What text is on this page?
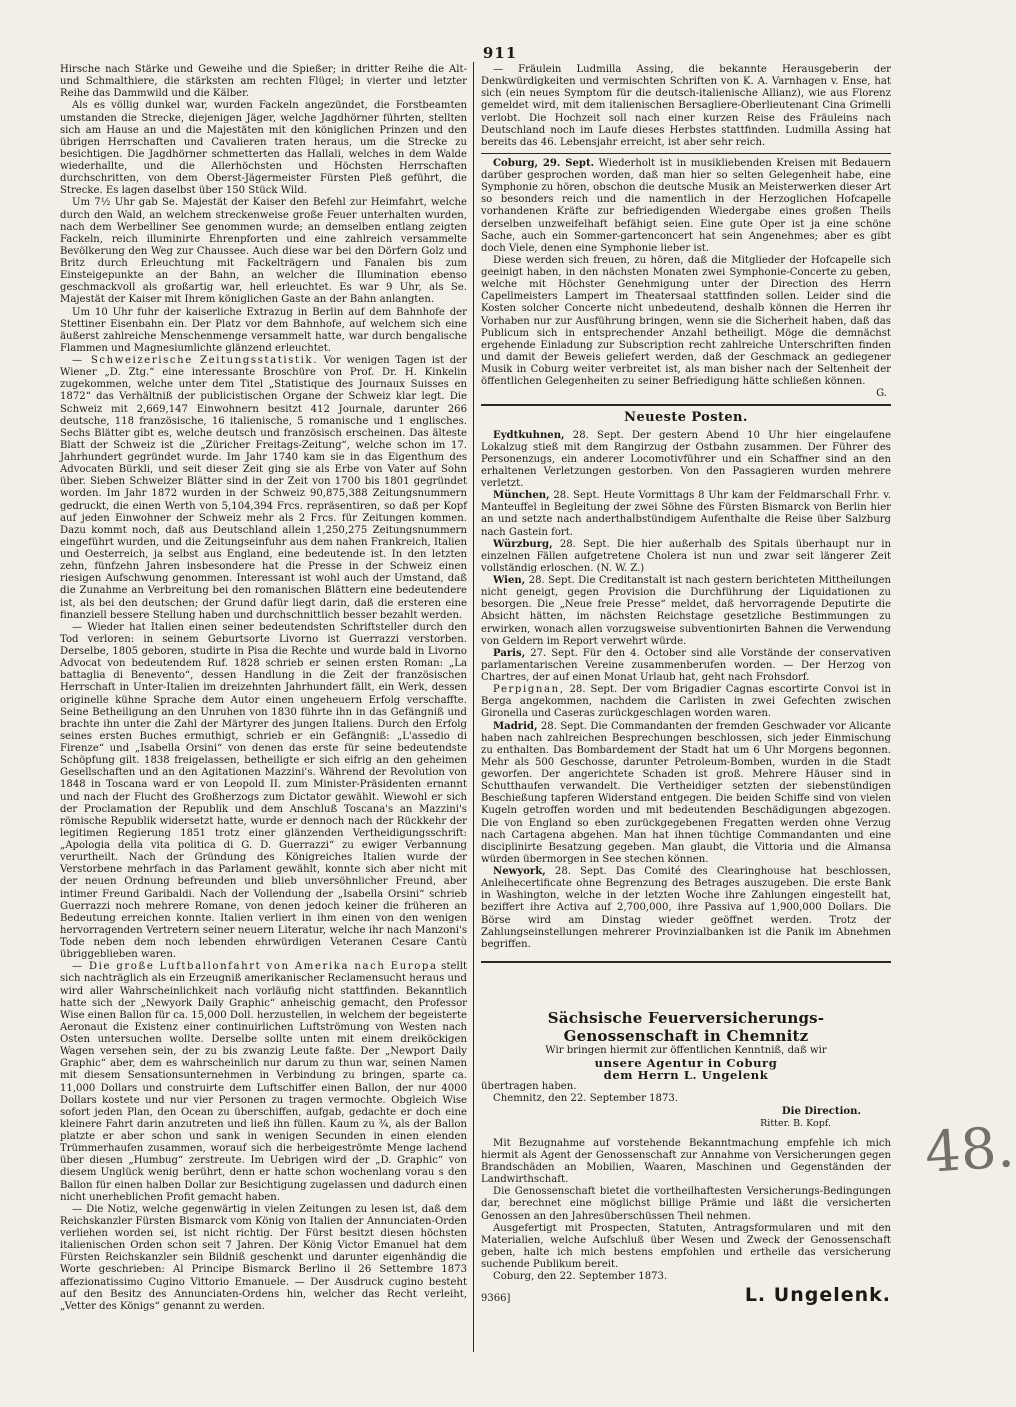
911

Hirsche nach Stärke und Geweihe und die Spießer; in dritter Reihe die Alt- und Schmalthiere, die stärksten am rechten Flügel; in vierter und letzter Reihe das Dammwild und die Kälber.

Als es völlig dunkel war, wurden Fackeln angezündet, die Forstbeamten umstanden die Strecke, diejenigen Jäger, welche Jagdhörner führten, stellten sich am Hause an und die Majestäten mit den königlichen Prinzen und den übrigen Herrschaften und Cavalieren traten heraus, um die Strecke zu besichtigen. Die Jagdhörner schmetterten das Hallali, welches in dem Walde wiederhallte, und die Allerhöchsten und Höchsten Herrschaften durchschritten, von dem Oberst-Jägermeister Fürsten Pleß geführt, die Strecke. Es lagen daselbst über 150 Stück Wild.

Um 7½ Uhr gab Se. Majestät der Kaiser den Befehl zur Heimfahrt, welche durch den Wald, an welchem streckenweise große Feuer unterhalten wurden, nach dem Werbelliner See genommen wurde; an demselben entlang zeigten Fackeln, reich illuminirte Ehrenpforten und eine zahlreich versammelte Bevölkerung den Weg zur Chaussee. Auch diese war bei den Dörfern Golz und Britz durch Erleuchtung mit Fackelträgern und Fanalen bis zum Einsteigepunkte an der Bahn, an welcher die Illumination ebenso geschmackvoll als großartig war, hell erleuchtet. Es war 9 Uhr, als Se. Majestät der Kaiser mit Ihrem königlichen Gaste an der Bahn anlangten.

Um 10 Uhr fuhr der kaiserliche Extrazug in Berlin auf dem Bahnhofe der Stettiner Eisenbahn ein. Der Platz vor dem Bahnhofe, auf welchem sich eine äußerst zahlreiche Menschenmenge versammelt hatte, war durch bengalische Flammen und Magnesiumlichte glänzend erleuchtet.

— Schweizerische Zeitungsstatistik. Vor wenigen Tagen ist der Wiener „D. Ztg.“ eine interessante Broschüre von Prof. Dr. H. Kinkelin zugekommen, welche unter dem Titel „Statistique des Journaux Suisses en 1872“ das Verhältniß der publicistischen Organe der Schweiz klar legt. Die Schweiz mit 2,669,147 Einwohnern besitzt 412 Journale, darunter 266 deutsche, 118 französische, 16 italienische, 5 romanische und 1 englisches. Sechs Blätter gibt es, welche deutsch und französisch erscheinen. Das älteste Blatt der Schweiz ist die „Züricher Freitags-Zeitung“, welche schon im 17. Jahrhundert gegründet wurde. Im Jahr 1740 kam sie in das Eigenthum des Advocaten Bürkli, und seit dieser Zeit ging sie als Erbe von Vater auf Sohn über. Sieben Schweizer Blätter sind in der Zeit von 1700 bis 1801 gegründet worden. Im Jahr 1872 wurden in der Schweiz 90,875,388 Zeitungsnummern gedruckt, die einen Werth von 5,104,394 Frcs. repräsentiren, so daß per Kopf auf jeden Einwohner der Schweiz mehr als 2 Frcs. für Zeitungen kommen. Dazu kommt noch, daß aus Deutschland allein 1,250,275 Zeitungsnummern eingeführt wurden, und die Zeitungseinfuhr aus dem nahen Frankreich, Italien und Oesterreich, ja selbst aus England, eine bedeutende ist. In den letzten zehn, fünfzehn Jahren insbesondere hat die Presse in der Schweiz einen riesigen Aufschwung genommen. Interessant ist wohl auch der Umstand, daß die Zunahme an Verbreitung bei den romanischen Blättern eine bedeutendere ist, als bei den deutschen; der Grund dafür liegt darin, daß die ersteren eine finanziell bessere Stellung haben und durchschnittlich besser bezahlt werden.

— Wieder hat Italien einen seiner bedeutendsten Schriftsteller durch den Tod verloren: in seinem Geburtsorte Livorno ist Guerrazzi verstorben. Derselbe, 1805 geboren, studirte in Pisa die Rechte und wurde bald in Livorno Advocat von bedeutendem Ruf. 1828 schrieb er seinen ersten Roman: „La battaglia di Benevento“, dessen Handlung in die Zeit der französischen Herrschaft in Unter-Italien im dreizehnten Jahrhundert fällt, ein Werk, dessen originelle kühne Sprache dem Autor einen ungeheuern Erfolg verschaffte. Seine Betheiligung an den Unruhen von 1830 führte ihn in das Gefängniß und brachte ihn unter die Zahl der Märtyrer des jungen Italiens. Durch den Erfolg seines ersten Buches ermuthigt, schrieb er ein Gefängniß: „L'assedio di Firenze“ und „Isabella Orsini“ von denen das erste für seine bedeutendste Schöpfung gilt. 1838 freigelassen, betheiligte er sich eifrig an den geheimen Gesellschaften und an den Agitationen Mazzini's. Während der Revolution von 1848 in Toscana ward er von Leopold II. zum Minister-Präsidenten ernannt und nach der Flucht des Großherzogs zum Dictator gewählt. Wiewohl er sich der Proclamation der Republik und dem Anschluß Toscana's an Mazzini's römische Republik widersetzt hatte, wurde er dennoch nach der Rückkehr der legitimen Regierung 1851 trotz einer glänzenden Vertheidigungsschrift: „Apologia della vita politica di G. D. Guerrazzi“ zu ewiger Verbannung verurtheilt. Nach der Gründung des Königreiches Italien wurde der Verstorbene mehrfach in das Parlament gewählt, konnte sich aber nicht mit der neuen Ordnung befreunden und blieb unversöhnlicher Freund, aber intimer Freund Garibaldi. Nach der Vollendung der „Isabella Orsini“ schrieb Guerrazzi noch mehrere Romane, von denen jedoch keiner die früheren an Bedeutung erreichen konnte. Italien verliert in ihm einen von den wenigen hervorragenden Vertretern seiner neuern Literatur, welche ihr nach Manzoni's Tode neben dem noch lebenden ehrwürdigen Veteranen Cesare Cantù übriggeblieben waren.

— Die große Luftballonfahrt von Amerika nach Europa stellt sich nachträglich als ein Erzeugniß amerikanischer Reclamensucht heraus und wird aller Wahrscheinlichkeit nach vorläufig nicht stattfinden. Bekanntlich hatte sich der „Newyork Daily Graphic“ anheischig gemacht, den Professor Wise einen Ballon für ca. 15,000 Doll. herzustellen, in welchem der begeisterte Aeronaut die Existenz einer continuirlichen Luftströmung von Westen nach Osten untersuchen wollte. Derselbe sollte unten mit einem dreiköckigen Wagen versehen sein, der zu bis zwanzig Leute faßte. Der „Newport Daily Graphic“ aber, dem es wahrscheinlich nur darum zu thun war, seinen Namen mit diesem Sensationsunternehmen in Verbindung zu bringen, sparte ca. 11,000 Dollars und construirte dem Luftschiffer einen Ballon, der nur 4000 Dollars kostete und nur vier Personen zu tragen vermochte. Obgleich Wise sofort jeden Plan, den Ocean zu überschiffen, aufgab, gedachte er doch eine kleinere Fahrt darin anzutreten und ließ ihn füllen. Kaum zu ¾, als der Ballon platzte er aber schon und sank in wenigen Secunden in einen elenden Trümmerhaufen zusammen, worauf sich die herbeigeströmte Menge lachend über diesen „Humbug“ zerstreute. Im Uebrigen wird der „D. Graphic“ von diesem Unglück wenig berührt, denn er hatte schon wochenlang vorau s den Ballon für einen halben Dollar zur Besichtigung zugelassen und dadurch einen nicht unerheblichen Profit gemacht haben.

— Die Notiz, welche gegenwärtig in vielen Zeitungen zu lesen ist, daß dem Reichskanzler Fürsten Bismarck vom König von Italien der Annunciaten-Orden verliehen worden sei, ist nicht richtig. Der Fürst besitzt diesen höchsten italienischen Orden schon seit 7 Jahren. Der König Victor Emanuel hat dem Fürsten Reichskanzler sein Bildniß geschenkt und darunter eigenhändig die Worte geschrieben: Al Principe Bismarck Berlino il 26 Settembre 1873 affezionatissimo Cugino Vittorio Emanuele. — Der Ausdruck cugino besteht auf den Besitz des Annunciaten-Ordens hin, welcher das Recht verleiht, „Vetter des Königs“ genannt zu werden.

— Fräulein Ludmilla Assing, die bekannte Herausgeberin der Denkwürdigkeiten und vermischten Schriften von K. A. Varnhagen v. Ense, hat sich (ein neues Symptom für die deutsch-italienische Allianz), wie aus Florenz gemeldet wird, mit dem italienischen Bersagliere-Oberlieutenant Cina Grimelli verlobt. Die Hochzeit soll nach einer kurzen Reise des Fräuleins nach Deutschland noch im Laufe dieses Herbstes stattfinden. Ludmilla Assing hat bereits das 46. Lebensjahr erreicht, ist aber sehr reich.

Coburg, 29. Sept. Wiederholt ist in musikliebenden Kreisen mit Bedauern darüber gesprochen worden, daß man hier so selten Gelegenheit habe, eine Symphonie zu hören, obschon die deutsche Musik an Meisterwerken dieser Art so besonders reich und die namentlich in der Herzoglichen Hofcapelle vorhandenen Kräfte zur befriedigenden Wiedergabe eines großen Theils derselben unzweifelhaft befähigt seien. Eine gute Oper ist ja eine schöne Sache, auch ein Sommer-gartenconcert hat sein Angenehmes; aber es gibt doch Viele, denen eine Symphonie lieber ist.

Diese werden sich freuen, zu hören, daß die Mitglieder der Hofcapelle sich geeinigt haben, in den nächsten Monaten zwei Symphonie-Concerte zu geben, welche mit Höchster Genehmigung unter der Direction des Herrn Capellmeisters Lampert im Theatersaal stattfinden sollen. Leider sind die Kosten solcher Concerte nicht unbedeutend, deshalb können die Herren ihr Vorhaben nur zur Ausführung bringen, wenn sie die Sicherheit haben, daß das Publicum sich in entsprechender Anzahl betheiligt. Möge die demnächst ergehende Einladung zur Subscription recht zahlreiche Unterschriften finden und damit der Beweis geliefert werden, daß der Geschmack an gediegener Musik in Coburg weiter verbreitet ist, als man bisher nach der Seltenheit der öffentlichen Gelegenheiten zu seiner Befriedigung hätte schließen können.

G.
Neueste Posten.

Eydtkuhnen, 28. Sept. Der gestern Abend 10 Uhr hier eingelaufene Lokalzug stieß mit dem Rangirzug der Ostbahn zusammen. Der Führer des Personenzugs, ein anderer Locomotivführer und ein Schaffner sind an den erhaltenen Verletzungen gestorben. Von den Passagieren wurden mehrere verletzt.

München, 28. Sept. Heute Vormittags 8 Uhr kam der Feldmarschall Frhr. v. Manteuffel in Begleitung der zwei Söhne des Fürsten Bismarck von Berlin hier an und setzte nach anderthalbstündigem Aufenthalte die Reise über Salzburg nach Gastein fort.

Würzburg, 28. Sept. Die hier außerhalb des Spitals überhaupt nur in einzelnen Fällen aufgetretene Cholera ist nun und zwar seit längerer Zeit vollständig erloschen. (N. W. Z.)

Wien, 28. Sept. Die Creditanstalt ist nach gestern berichteten Mittheilungen nicht geneigt, gegen Provision die Durchführung der Liquidationen zu besorgen. Die „Neue freie Presse“ meldet, daß hervorragende Deputirte die Absicht hätten, im nächsten Reichstage gesetzliche Bestimmungen zu erwirken, wonach allen vorzugsweise subventionirten Bahnen die Verwendung von Geldern im Report verwehrt würde.

Paris, 27. Sept. Für den 4. October sind alle Vorstände der conservativen parlamentarischen Vereine zusammenberufen worden. — Der Herzog von Chartres, der auf einen Monat Urlaub hat, geht nach Frohsdorf.

Perpignan, 28. Sept. Der vom Brigadier Cagnas escortirte Convoi ist in Berga angekommen, nachdem die Carlisten in zwei Gefechten zwischen Gironella und Caseras zurückgeschlagen worden waren.

Madrid, 28. Sept. Die Commandanten der fremden Geschwader vor Alicante haben nach zahlreichen Besprechungen beschlossen, sich jeder Einmischung zu enthalten. Das Bombardement der Stadt hat um 6 Uhr Morgens begonnen. Mehr als 500 Geschosse, darunter Petroleum-Bomben, wurden in die Stadt geworfen. Der angerichtete Schaden ist groß. Mehrere Häuser sind in Schutthaufen verwandelt. Die Vertheidiger setzten der siebenstündigen Beschießung tapferen Widerstand entgegen. Die beiden Schiffe sind von vielen Kugeln getroffen worden und mit bedeutenden Beschädigungen abgezogen. Die von England so eben zurückgegebenen Fregatten werden ohne Verzug nach Cartagena abgehen. Man hat ihnen tüchtige Commandanten und eine disciplinirte Besatzung gegeben. Man glaubt, die Vittoria und die Almansa würden übermorgen in See stechen können.

Newyork, 28. Sept. Das Comité des Clearinghouse hat beschlossen, Anleihecertificate ohne Begrenzung des Betrages auszugeben. Die erste Bank in Washington, welche in der letzten Woche ihre Zahlungen eingestellt hat, beziffert ihre Activa auf 2,700,000, ihre Passiva auf 1,900,000 Dollars. Die Börse wird am Dinstag wieder geöffnet werden. Trotz der Zahlungseinstellungen mehrerer Provinzialbanken ist die Panik im Abnehmen begriffen.

Sächsische Feuerversicherungs-Genossenschaft in Chemnitz

Wir bringen hiermit zur öffentlichen Kenntniß, daß wir

unsere Agentur in Coburg

dem Herrn L. Ungelenk

übertragen haben.

Chemnitz, den 22. September 1873.

Die Direction.
Ritter. B. Kopf.

Mit Bezugnahme auf vorstehende Bekanntmachung empfehle ich mich hiermit als Agent der Genossenschaft zur Annahme von Versicherungen gegen Brandschäden an Mobilien, Waaren, Maschinen und Gegenständen der Landwirthschaft.

Die Genossenschaft bietet die vortheilhaftesten Versicherungs-Bedingungen dar, berechnet eine möglichst billige Prämie und läßt die versicherten Genossen an den Jahresüberschüssen Theil nehmen.

Ausgefertigt mit Prospecten, Statuten, Antragsformularen und mit den Materialien, welche Aufschluß über Wesen und Zweck der Genossenschaft geben, halte ich mich bestens empfohlen und ertheile das versicherung suchende Publikum bereit.

Coburg, den 22. September 1873.

9366]	L. Ungelenk.
48.
